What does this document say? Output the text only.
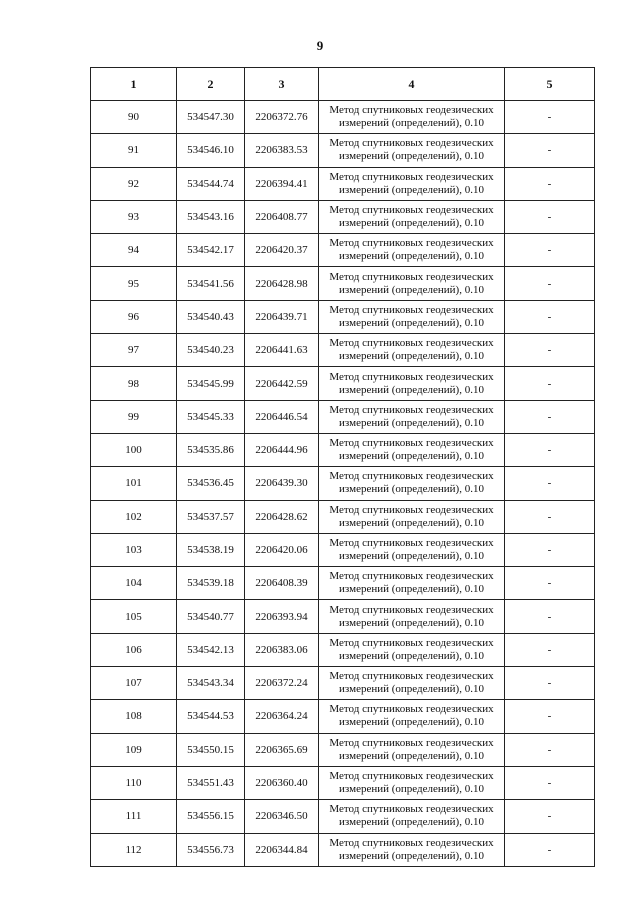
9
1	2	3	4	5
90	534547.30	2206372.76	Метод спутниковых геодезических
измерений (определений), 0.10	-
91	534546.10	2206383.53	Метод спутниковых геодезических
измерений (определений), 0.10	-
92	534544.74	2206394.41	Метод спутниковых геодезических
измерений (определений), 0.10	-
93	534543.16	2206408.77	Метод спутниковых геодезических
измерений (определений), 0.10	-
94	534542.17	2206420.37	Метод спутниковых геодезических
измерений (определений), 0.10	-
95	534541.56	2206428.98	Метод спутниковых геодезических
измерений (определений), 0.10	-
96	534540.43	2206439.71	Метод спутниковых геодезических
измерений (определений), 0.10	-
97	534540.23	2206441.63	Метод спутниковых геодезических
измерений (определений), 0.10	-
98	534545.99	2206442.59	Метод спутниковых геодезических
измерений (определений), 0.10	-
99	534545.33	2206446.54	Метод спутниковых геодезических
измерений (определений), 0.10	-
100	534535.86	2206444.96	Метод спутниковых геодезических
измерений (определений), 0.10	-
101	534536.45	2206439.30	Метод спутниковых геодезических
измерений (определений), 0.10	-
102	534537.57	2206428.62	Метод спутниковых геодезических
измерений (определений), 0.10	-
103	534538.19	2206420.06	Метод спутниковых геодезических
измерений (определений), 0.10	-
104	534539.18	2206408.39	Метод спутниковых геодезических
измерений (определений), 0.10	-
105	534540.77	2206393.94	Метод спутниковых геодезических
измерений (определений), 0.10	-
106	534542.13	2206383.06	Метод спутниковых геодезических
измерений (определений), 0.10	-
107	534543.34	2206372.24	Метод спутниковых геодезических
измерений (определений), 0.10	-
108	534544.53	2206364.24	Метод спутниковых геодезических
измерений (определений), 0.10	-
109	534550.15	2206365.69	Метод спутниковых геодезических
измерений (определений), 0.10	-
110	534551.43	2206360.40	Метод спутниковых геодезических
измерений (определений), 0.10	-
111	534556.15	2206346.50	Метод спутниковых геодезических
измерений (определений), 0.10	-
112	534556.73	2206344.84	Метод спутниковых геодезических
измерений (определений), 0.10	-
